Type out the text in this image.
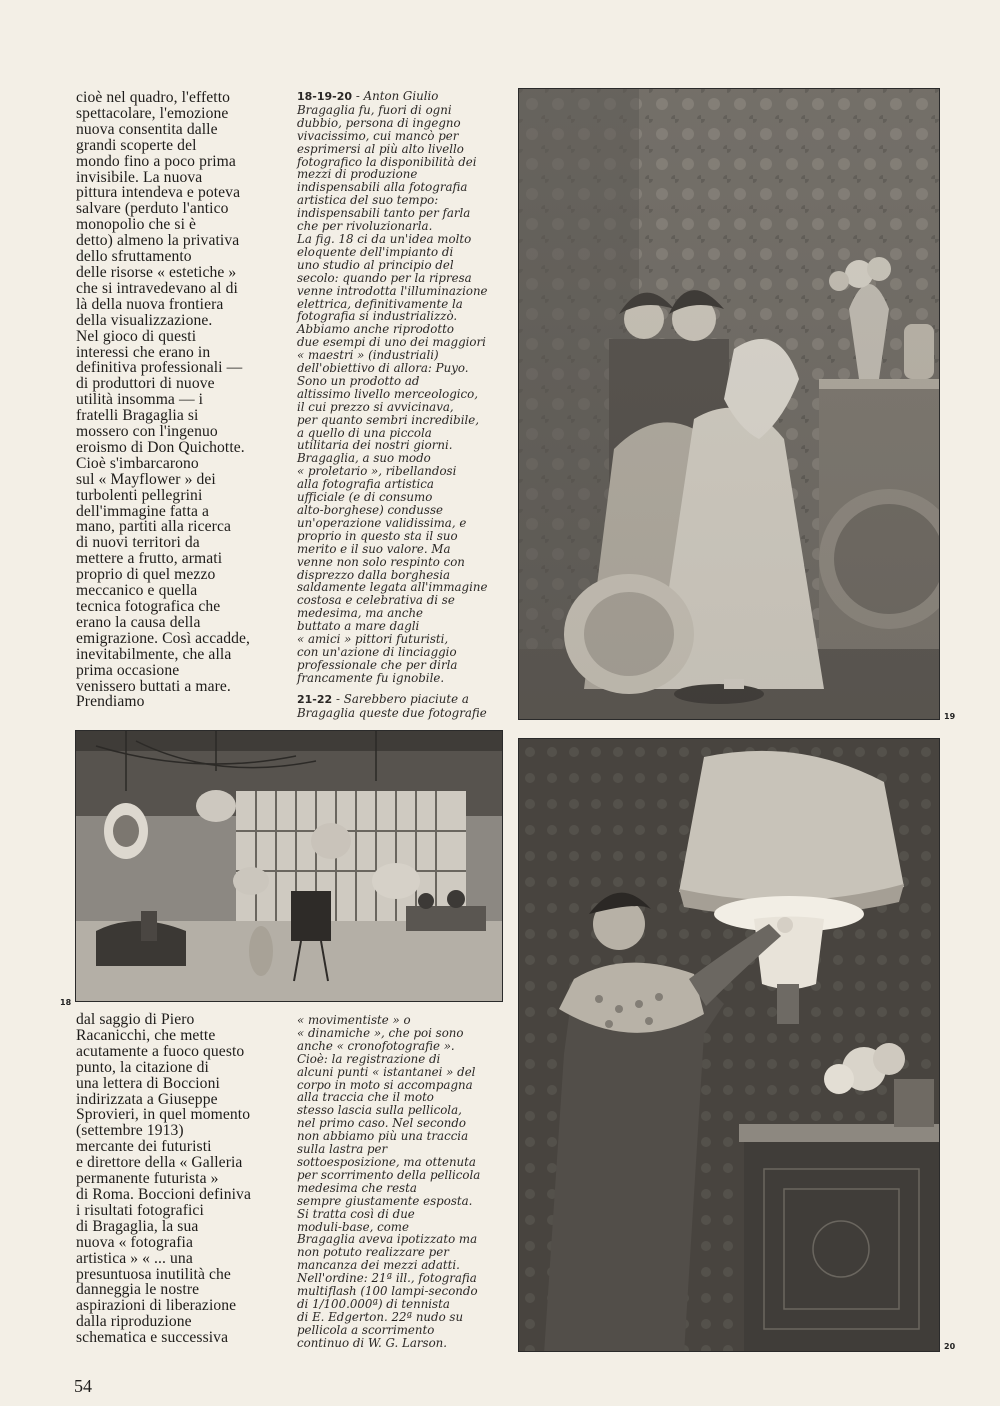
cioè nel quadro, l'effetto
spettacolare, l'emozione
nuova consentita dalle
grandi scoperte del
mondo fino a poco prima
invisibile. La nuova
pittura intendeva e poteva
salvare (perduto l'antico
monopolio che si è
detto) almeno la privativa
dello sfruttamento
delle risorse « estetiche »
che si intravedevano al di
là della nuova frontiera
della visualizzazione.
Nel gioco di questi
interessi che erano in
definitiva professionali —
di produttori di nuove
utilità insomma — i
fratelli Bragaglia si
mossero con l'ingenuo
eroismo di Don Quichotte.
Cioè s'imbarcarono
sul « Mayflower » dei
turbolenti pellegrini
dell'immagine fatta a
mano, partiti alla ricerca
di nuovi territori da
mettere a frutto, armati
proprio di quel mezzo
meccanico e quella
tecnica fotografica che
erano la causa della
emigrazione. Così accadde,
inevitabilmente, che alla
prima occasione
venissero buttati a mare.
Prendiamo
18-19-20 - Anton Giulio
Bragaglia fu, fuori di ogni
dubbio, persona di ingegno
vivacissimo, cui mancò per
esprimersi al più alto livello
fotografico la disponibilità dei
mezzi di produzione
indispensabili alla fotografia
artistica del suo tempo:
indispensabili tanto per farla
che per rivoluzionarla.
La fig. 18 ci da un'idea molto
eloquente dell'impianto di
uno studio al principio del
secolo: quando per la ripresa
venne introdotta l'illuminazione
elettrica, definitivamente la
fotografia si industrializzò.
Abbiamo anche riprodotto
due esempi di uno dei maggiori
« maestri » (industriali)
dell'obiettivo di allora: Puyo.
Sono un prodotto ad
altissimo livello merceologico,
il cui prezzo si avvicinava,
per quanto sembri incredibile,
a quello di una piccola
utilitaria dei nostri giorni.
Bragaglia, a suo modo
« proletario », ribellandosi
alla fotografia artistica
ufficiale (e di consumo
alto-borghese) condusse
un'operazione validissima, e
proprio in questo sta il suo
merito e il suo valore. Ma
venne non solo respinto con
disprezzo dalla borghesia
saldamente legata all'immagine
costosa e celebrativa di se
medesima, ma anche
buttato a mare dagli
« amici » pittori futuristi,
con un'azione di linciaggio
professionale che per dirla
francamente fu ignobile.
21-22 - Sarebbero piaciute a
Bragaglia queste due fotografie	19
18
20
dal saggio di Piero
Racanicchi, che mette
acutamente a fuoco questo
punto, la citazione di
una lettera di Boccioni
indirizzata a Giuseppe
Sprovieri, in quel momento
(settembre 1913)
mercante dei futuristi
e direttore della « Galleria
permanente futurista »
di Roma. Boccioni definiva
i risultati fotografici
di Bragaglia, la sua
nuova « fotografia
artistica » « ... una
presuntuosa inutilità che
danneggia le nostre
aspirazioni di liberazione
dalla riproduzione
schematica e successiva
« movimentiste » o
« dinamiche », che poi sono
anche « cronofotografie ».
Cioè: la registrazione di
alcuni punti « istantanei » del
corpo in moto si accompagna
alla traccia che il moto
stesso lascia sulla pellicola,
nel primo caso. Nel secondo
non abbiamo più una traccia
sulla lastra per
sottoesposizione, ma ottenuta
per scorrimento della pellicola
medesima che resta
sempre giustamente esposta.
Si tratta così di due
moduli-base, come
Bragaglia aveva ipotizzato ma
non potuto realizzare per
mancanza dei mezzi adatti.
Nell'ordine: 21ª ill., fotografia
multiflash (100 lampi-secondo
di 1/100.000ª) di tennista
di E. Edgerton. 22ª nudo su
pellicola a scorrimento
continuo di W. G. Larson.
54
